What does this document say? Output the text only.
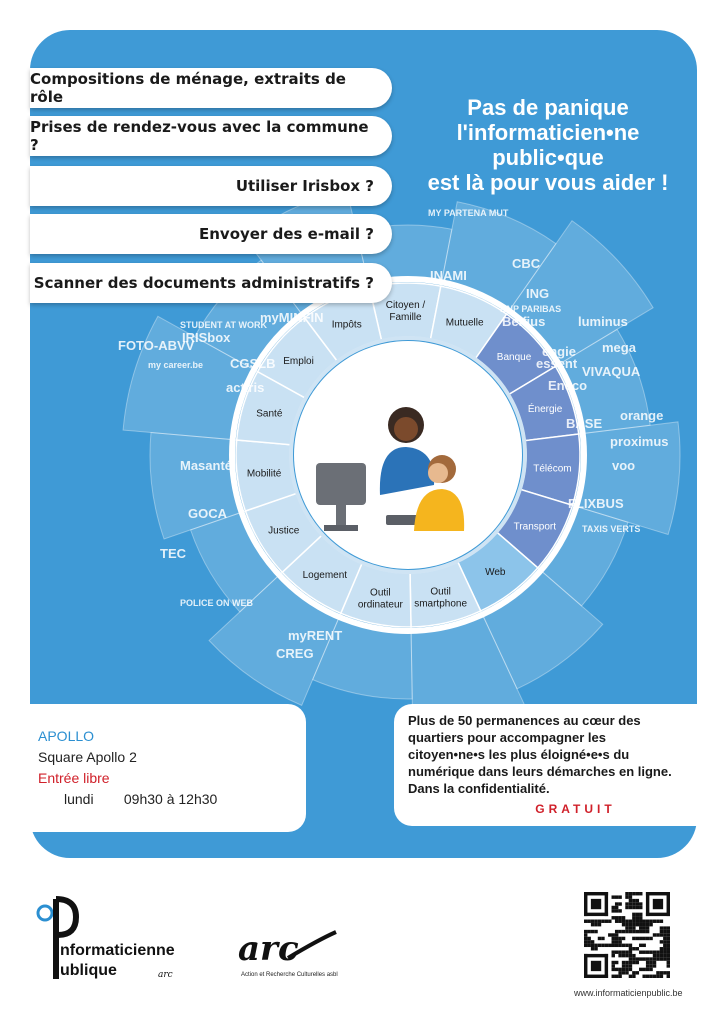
Citoyen / Famille
Mutuelle
Banque
Énergie
Télécom
Transport
Web
Outil smartphone
Outil ordinateur
Logement
Justice
Mobilité
Santé
Emploi
Impôts
MY PARTENA MUT
INAMI
CBC
ING
BNP PARIBAS
Belfius	luminus
engie mega
essent
VIVAQUA
Eneco
BASE
orange
proximus
voo
FLIXBUS
TAXIS VERTS
IRISbox
myMINFIN
STUDENT AT WORK
FOTO-ABVV
my career.be CGSLB
actiris
Masanté
GOCA
TEC
POLICE ON WEB
myRENT
CREG
Compositions de ménage, extraits de rôle
Prises de rendez-vous avec la commune ?
Utiliser Irisbox ?
Envoyer des e-mail ?
Scanner des documents administratifs ?
Pas de panique
l'informaticien•ne public•que
est là pour vous aider !
APOLLO
Square Apollo 2
Entrée libre
lundi 09h30 à 12h30
Plus de 50 permanences au cœur des quartiers pour accompagner les citoyen•ne•s les plus éloigné•e•s du numérique dans leurs démarches en ligne. Dans la confidentialité.
GRATUIT
nformaticienne
ublique	arc
arc
Action et Recherche Culturelles asbl
www.informaticienpublic.be
